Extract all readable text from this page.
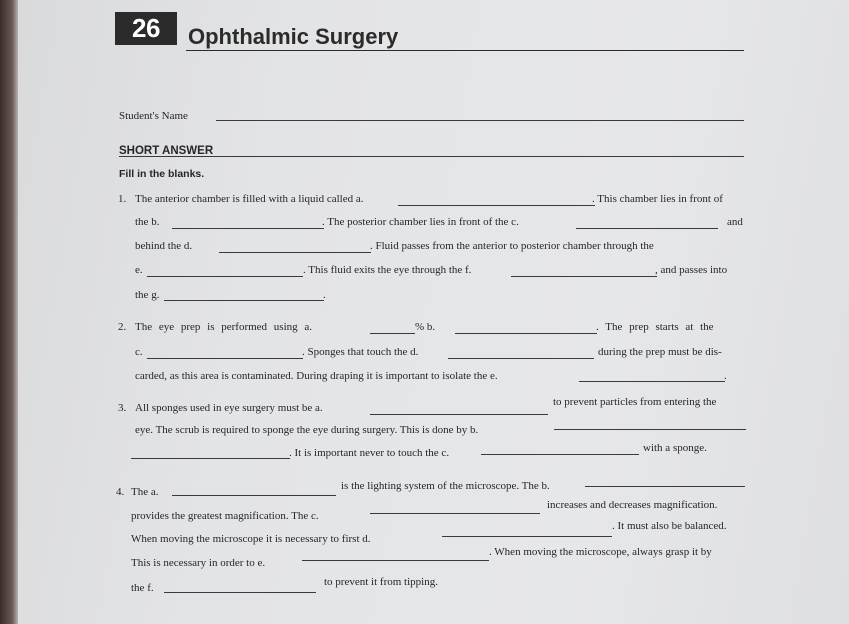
26	Ophthalmic Surgery
Student's Name
SHORT ANSWER
Fill in the blanks.
1. The anterior chamber is filled with a liquid called a.	. This chamber lies in front of
the b.	. The posterior chamber lies in front of the c.	and
behind the d.	. Fluid passes from the anterior to posterior chamber through the
e.	. This fluid exits the eye through the f.	, and passes into
the g.	.
2. The eye prep is performed using a.	% b.	. The prep starts at the
c.	. Sponges that touch the d.	during the prep must be dis-
carded, as this area is contaminated. During draping it is important to isolate the e.	.
3. All sponges used in eye surgery must be a.	to prevent particles from entering the
eye. The scrub is required to sponge the eye during surgery. This is done by b.
. It is important never to touch the c.	with a sponge.
4. The a.	is the lighting system of the microscope. The b.
provides the greatest magnification. The c.
increases and decreases magnification.
When moving the microscope it is necessary to first d.
. It must also be balanced.
This is necessary in order to e.
. When moving the microscope, always grasp it by
the f.	to prevent it from tipping.
